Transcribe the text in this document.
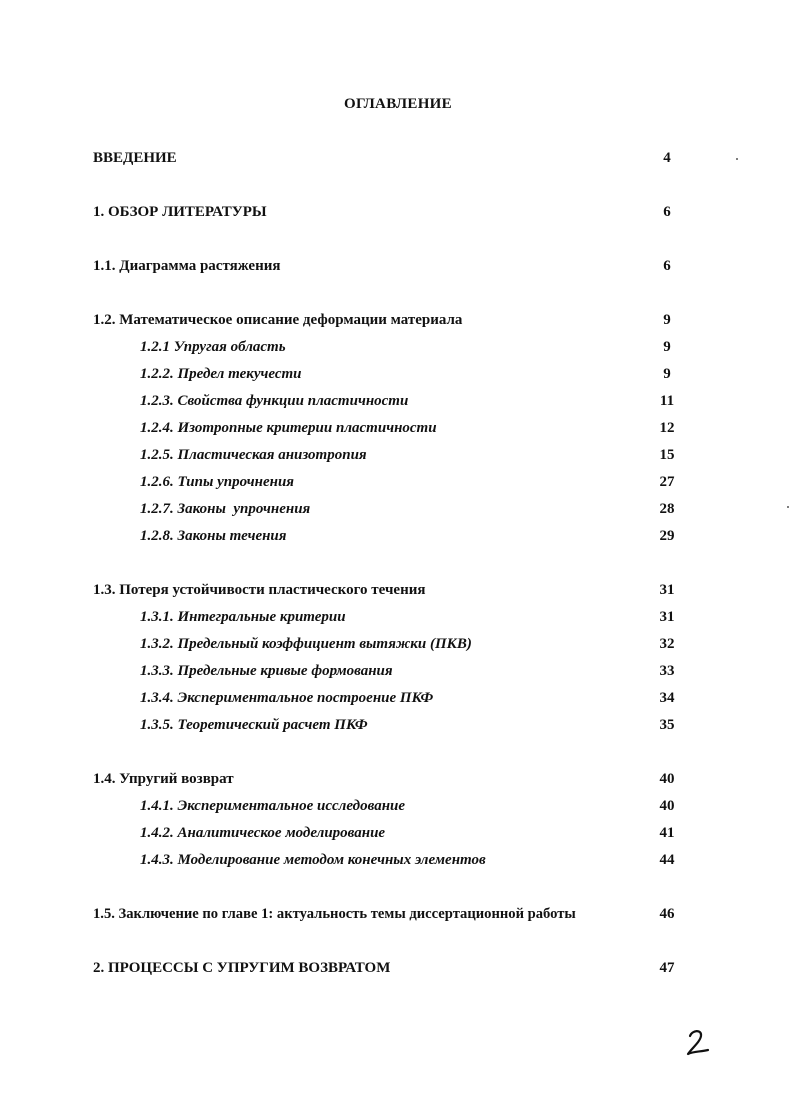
ОГЛАВЛЕНИЕ
ВВЕДЕНИЕ	4
1. ОБЗОР ЛИТЕРАТУРЫ	6
1.1. Диаграмма растяжения	6
1.2. Математическое описание деформации материала	9
1.2.1 Упругая область	9
1.2.2. Предел текучести	9
1.2.3. Свойства функции пластичности	11
1.2.4. Изотропные критерии пластичности	12
1.2.5. Пластическая анизотропия	15
1.2.6. Типы упрочнения	27
1.2.7. Законы  упрочнения	28
1.2.8. Законы течения	29
1.3. Потеря устойчивости пластического течения	31
1.3.1. Интегральные критерии	31
1.3.2. Предельный коэффициент вытяжки (ПКВ)	32
1.3.3. Предельные кривые формования	33
1.3.4. Экспериментальное построение ПКФ	34
1.3.5. Теоретический расчет ПКФ	35
1.4. Упругий возврат	40
1.4.1. Экспериментальное исследование	40
1.4.2. Аналитическое моделирование	41
1.4.3. Моделирование методом конечных элементов	44
1.5. Заключение по главе 1: актуальность темы диссертационной работы	46
2. ПРОЦЕССЫ С УПРУГИМ ВОЗВРАТОМ	47
